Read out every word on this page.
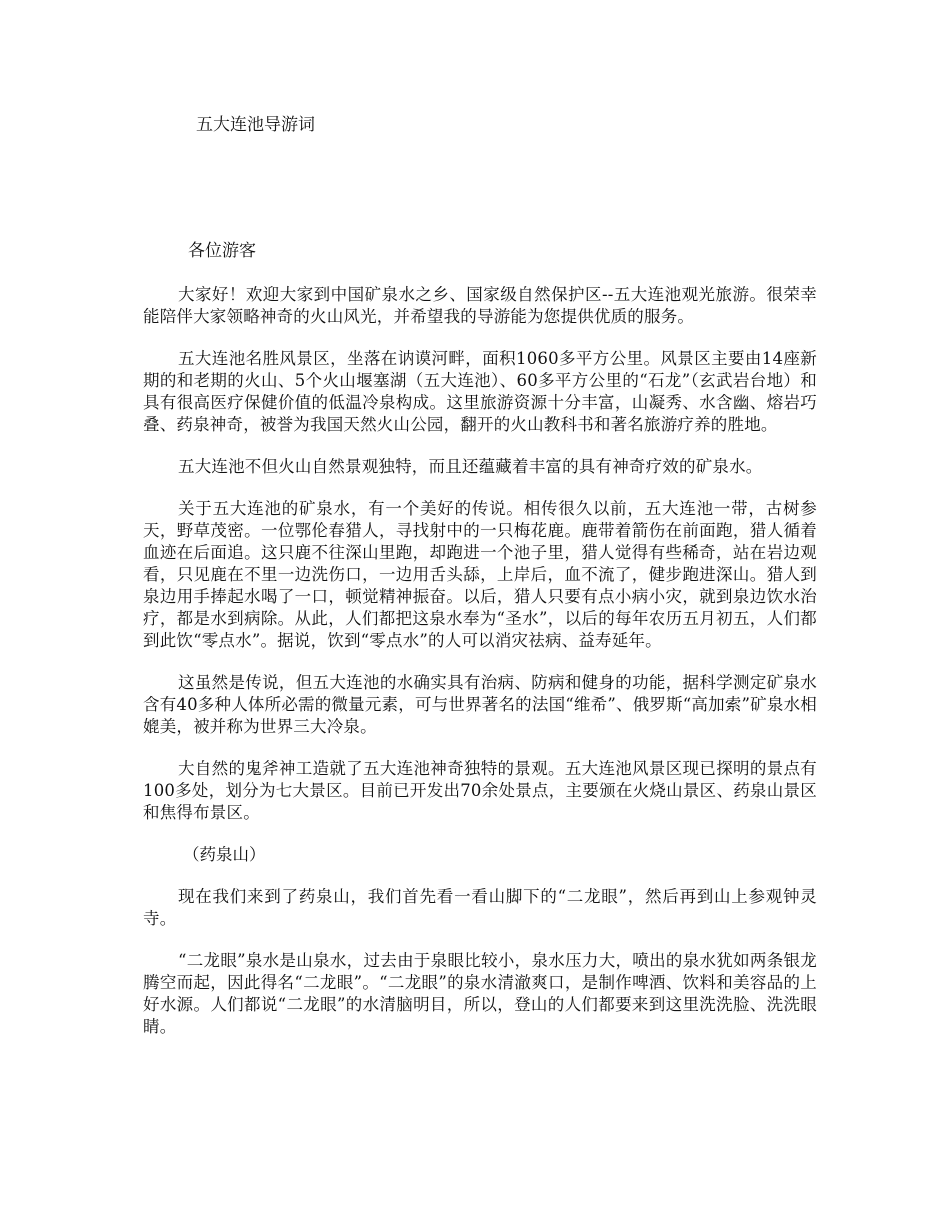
五大连池导游词
各位游客

大家好！欢迎大家到中国矿泉水之乡、国家级自然保护区--五大连池观光旅游。很荣幸能陪伴大家领略神奇的火山风光，并希望我的导游能为您提供优质的服务。

五大连池名胜风景区，坐落在讷谟河畔，面积1060多平方公里。风景区主要由14座新期的和老期的火山、5个火山堰塞湖（五大连池）、60多平方公里的“石龙”（玄武岩台地）和具有很高医疗保健价值的低温冷泉构成。这里旅游资源十分丰富，山凝秀、水含幽、熔岩巧叠、药泉神奇，被誉为我国天然火山公园，翻开的火山教科书和著名旅游疗养的胜地。

五大连池不但火山自然景观独特，而且还蕴藏着丰富的具有神奇疗效的矿泉水。

关于五大连池的矿泉水，有一个美好的传说。相传很久以前，五大连池一带，古树参天，野草茂密。一位鄂伦春猎人，寻找射中的一只梅花鹿。鹿带着箭伤在前面跑，猎人循着血迹在后面追。这只鹿不往深山里跑，却跑进一个池子里，猎人觉得有些稀奇，站在岩边观看，只见鹿在不里一边洗伤口，一边用舌头舔，上岸后，血不流了，健步跑进深山。猎人到泉边用手捧起水喝了一口，顿觉精神振奋。以后，猎人只要有点小病小灾，就到泉边饮水治疗，都是水到病除。从此，人们都把这泉水奉为“圣水”，以后的每年农历五月初五，人们都到此饮“零点水”。据说，饮到“零点水”的人可以消灾祛病、益寿延年。

这虽然是传说，但五大连池的水确实具有治病、防病和健身的功能，据科学测定矿泉水含有40多种人体所必需的微量元素，可与世界著名的法国“维希”、俄罗斯“高加索”矿泉水相媲美，被并称为世界三大冷泉。

大自然的鬼斧神工造就了五大连池神奇独特的景观。五大连池风景区现已探明的景点有100多处，划分为七大景区。目前已开发出70余处景点，主要颁在火烧山景区、药泉山景区和焦得布景区。

（药泉山）

现在我们来到了药泉山，我们首先看一看山脚下的“二龙眼”，然后再到山上参观钟灵寺。

“二龙眼”泉水是山泉水，过去由于泉眼比较小，泉水压力大，喷出的泉水犹如两条银龙腾空而起，因此得名“二龙眼”。“二龙眼”的泉水清澈爽口，是制作啤酒、饮料和美容品的上好水源。人们都说“二龙眼”的水清脑明目，所以，登山的人们都要来到这里洗洗脸、洗洗眼睛。
